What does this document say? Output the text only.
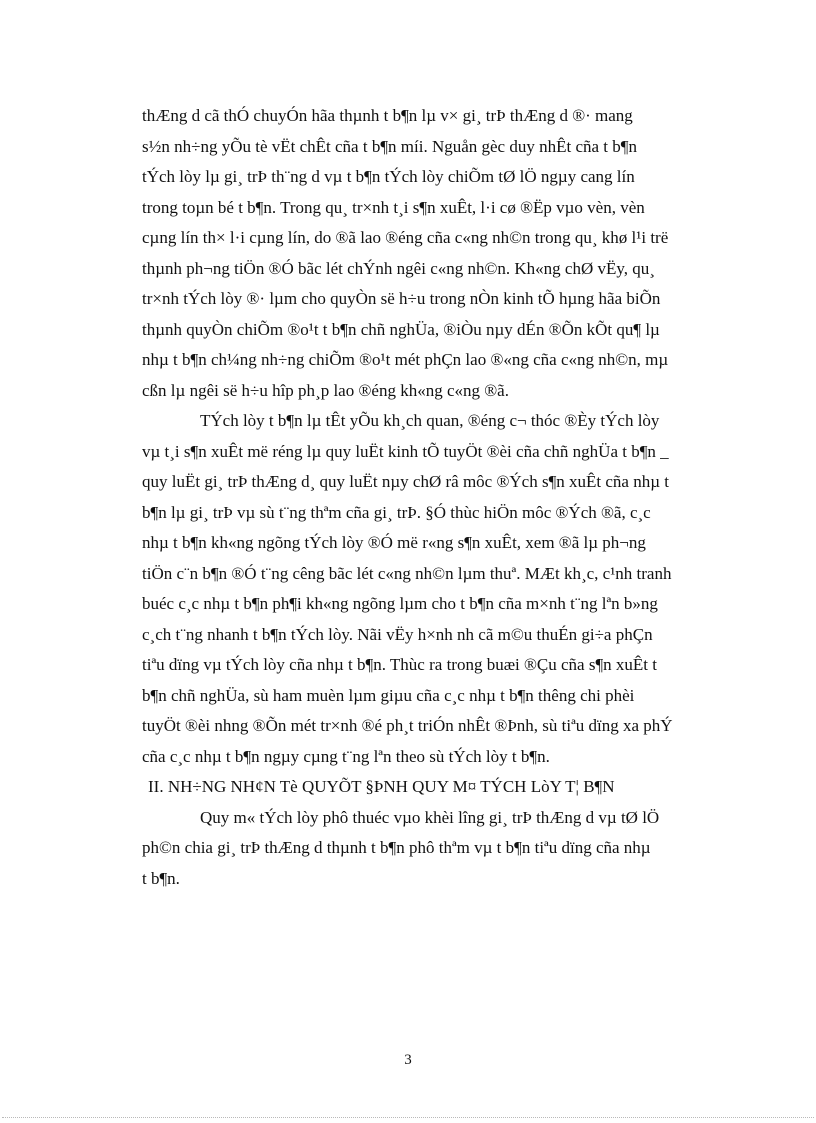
thÆng d cã thÓ chuyÓn hãa thµnh t b¶n lµ v× gi¸ trÞ thÆng d ®· mang
s½n nh÷ng yÕu tè vËt chÊt cña t b¶n míi. Nguån gèc duy nhÊt cña t b¶n
tÝch lòy lµ gi¸ trÞ th¨ng d vµ t b¶n tÝch lòy chiÕm tØ lÖ ngµy cang lín
trong toµn bé t b¶n. Trong qu¸ tr×nh t¸i s¶n xuÊt, l·i cø ®Ëp vµo vèn, vèn
cµng lín th× l·i cµng lín, do ®ã lao ®éng cña c«ng nh©n trong qu¸ khø l¹i trë
thµnh ph¬ng tiÖn ®Ó bãc lét chÝnh ngêi c«ng nh©n. Kh«ng chØ vËy, qu¸
tr×nh tÝch lòy ®· lµm cho quyÒn së h÷u trong nÒn kinh tÕ hµng hãa biÕn
thµnh quyÒn chiÕm ®o¹t t b¶n chñ nghÜa, ®iÒu nµy dÉn ®Õn kÕt qu¶ lµ
nhµ t b¶n ch¼ng nh÷ng chiÕm ®o¹t mét phÇn lao ®«ng cña c«ng nh©n, mµ
cßn lµ ngêi së h÷u hîp ph¸p lao ®éng kh«ng c«ng ®ã.
TÝch lòy t b¶n lµ tÊt yÕu kh¸ch quan, ®éng c¬ thóc ®Èy tÝch lòy
vµ t¸i s¶n xuÊt më réng lµ quy luËt kinh tÕ tuyÖt ®èi cña chñ nghÜa t b¶n _
quy luËt gi¸ trÞ thÆng d¸ quy luËt nµy chØ râ môc ®Ých s¶n xuÊt cña nhµ t
b¶n lµ gi¸ trÞ vµ sù t¨ng thªm cña gi¸ trÞ. §Ó thùc hiÖn môc ®Ých ®ã, c¸c
nhµ t b¶n kh«ng ngõng tÝch lòy ®Ó më r«ng s¶n xuÊt, xem ®ã lµ ph¬ng
tiÖn c¨n b¶n ®Ó t¨ng cêng bãc lét c«ng nh©n lµm thuª. MÆt kh¸c, c¹nh tranh
buéc c¸c nhµ t b¶n ph¶i kh«ng ngõng lµm cho t b¶n cña m×nh t¨ng lªn b»ng
c¸ch t¨ng nhanh t b¶n tÝch lòy. Nãi vËy h×nh nh cã m©u thuÉn gi÷a phÇn
tiªu dïng vµ tÝch lòy cña nhµ t b¶n. Thùc ra trong buæi ®Çu cña s¶n xuÊt t
b¶n chñ nghÜa, sù ham muèn lµm giµu cña c¸c nhµ t b¶n thêng chi phèi
tuyÖt ®èi nhng ®Õn mét tr×nh ®é ph¸t triÓn nhÊt ®Þnh, sù tiªu dïng xa phÝ
cña c¸c nhµ t b¶n ngµy cµng t¨ng lªn theo sù tÝch lòy t b¶n.
II. NH÷NG NH¢N Tè QUYÕT §ÞNH QUY M¤ TÝCH LòY T¦ B¶N
Quy m« tÝch lòy phô thuéc vµo khèi lîng gi¸ trÞ thÆng d vµ tØ lÖ
ph©n chia gi¸ trÞ thÆng d thµnh t b¶n phô thªm vµ t b¶n tiªu dïng cña nhµ
t b¶n.
3
